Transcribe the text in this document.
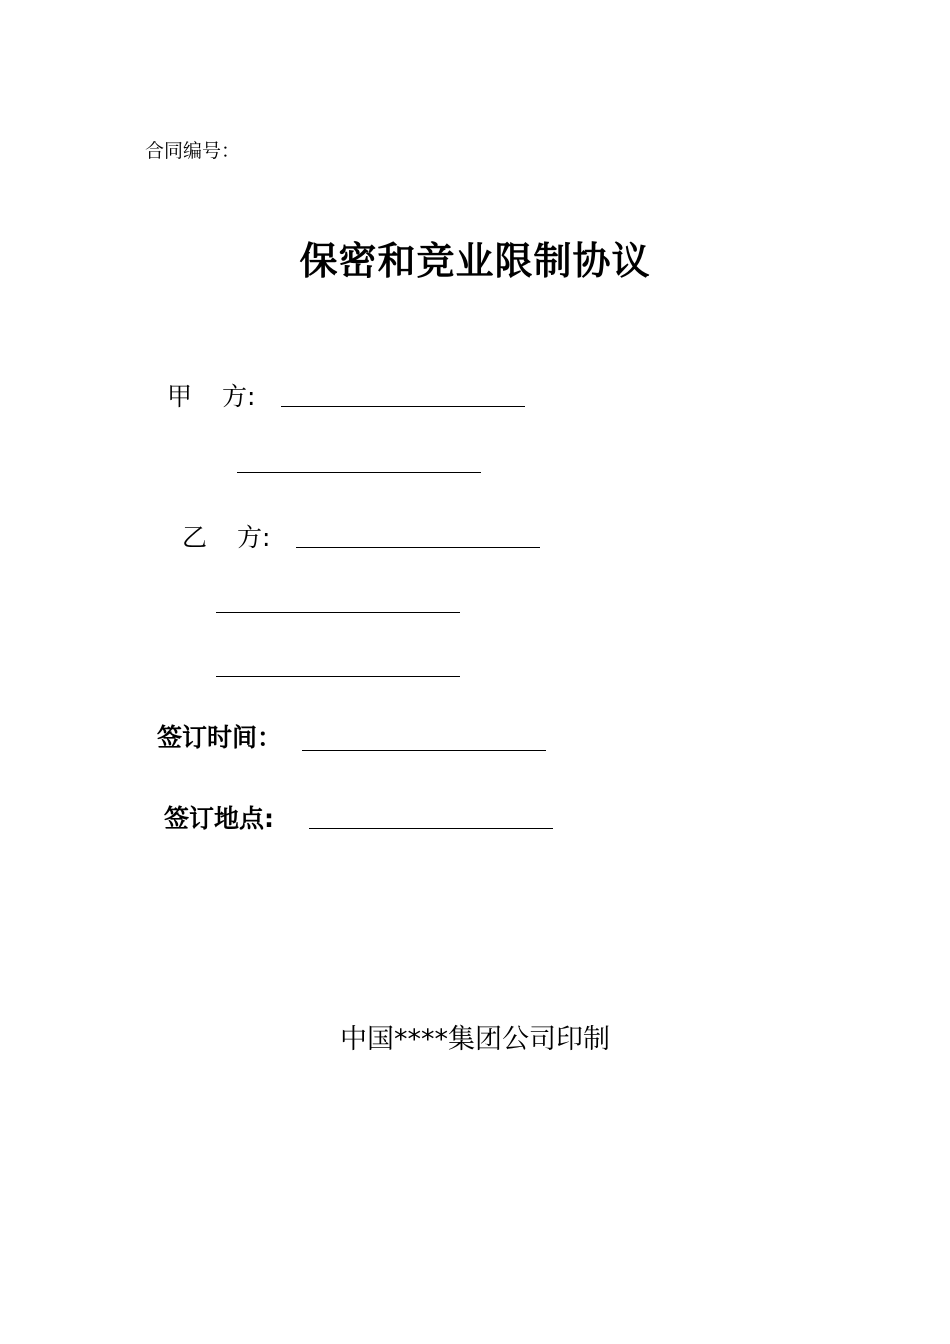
合同编号：
保密和竞业限制协议
甲 方:
乙 方:
签订时间：
签订地点:
中国****集团公司印制
